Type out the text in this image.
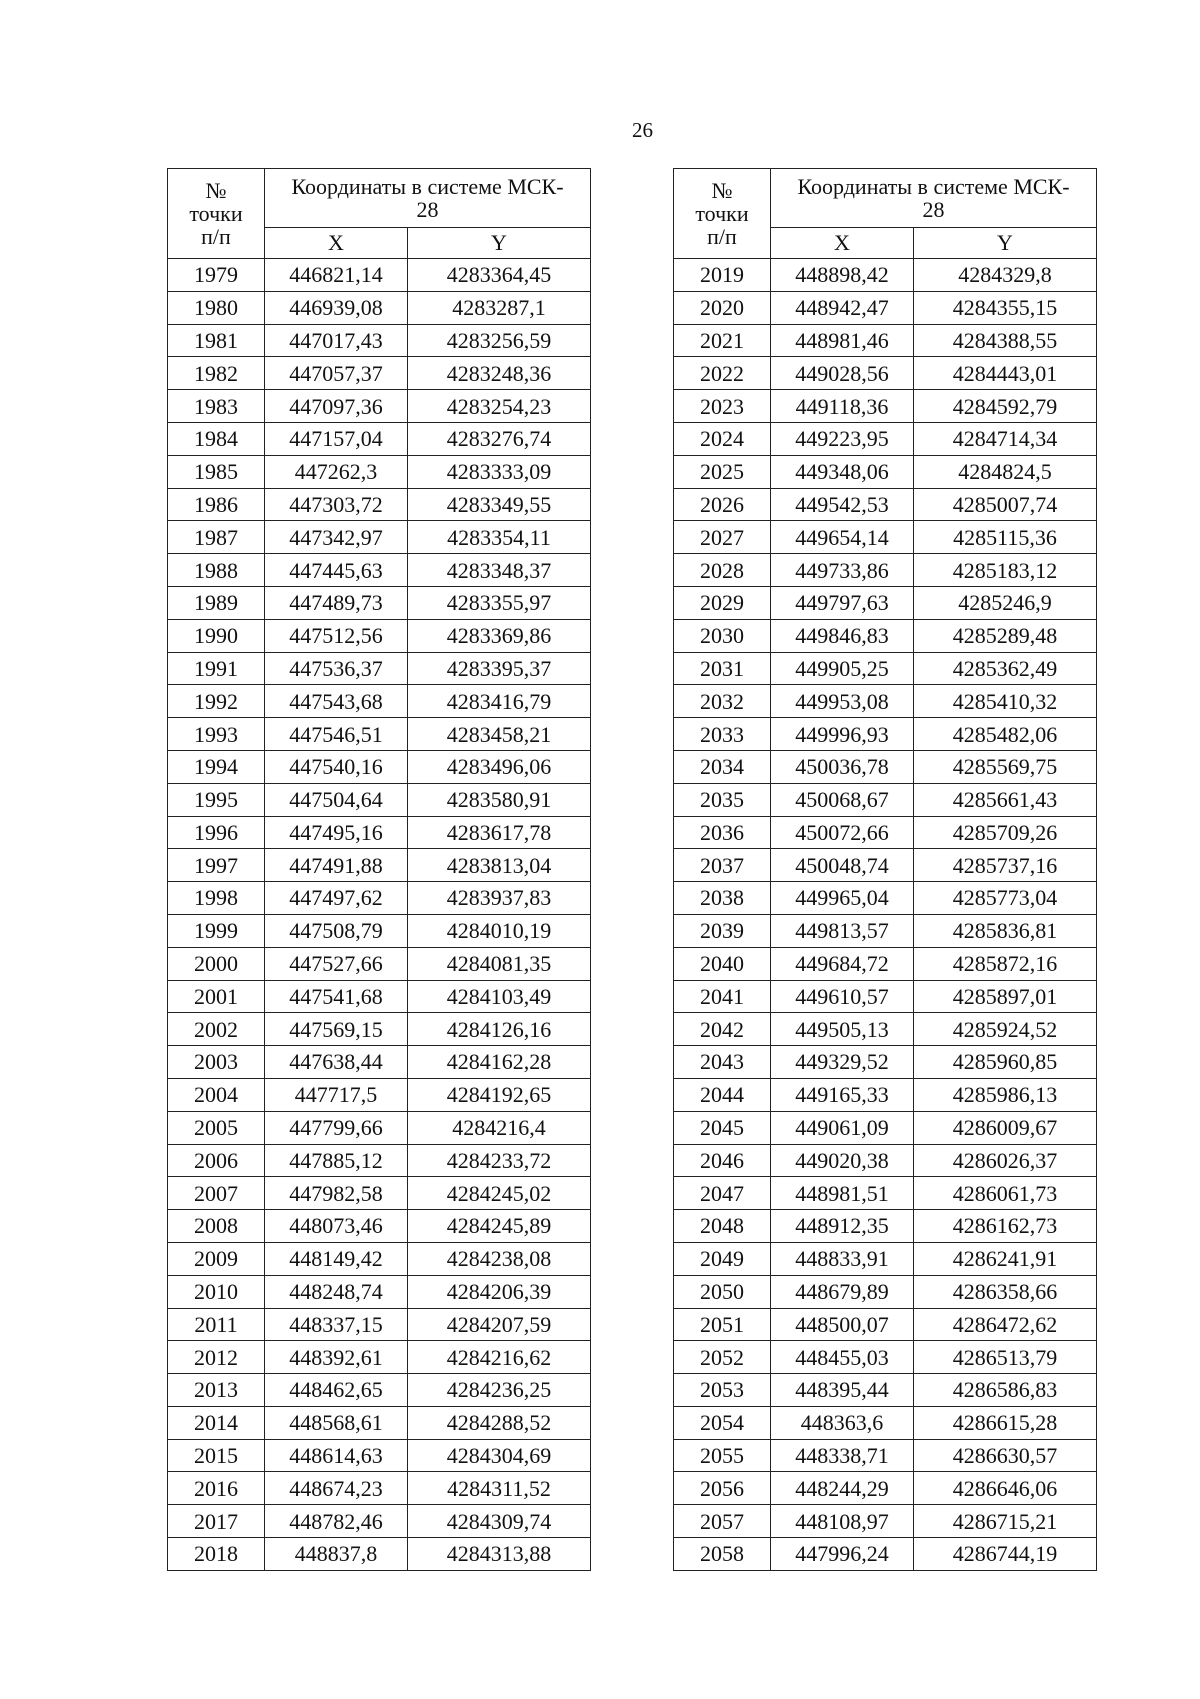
26
№
точки
п/п	Координаты в системе МСК-
28	
	X	Y
1979	446821,14	4283364,45
1980	446939,08	4283287,1
1981	447017,43	4283256,59
1982	447057,37	4283248,36
1983	447097,36	4283254,23
1984	447157,04	4283276,74
1985	447262,3	4283333,09
1986	447303,72	4283349,55
1987	447342,97	4283354,11
1988	447445,63	4283348,37
1989	447489,73	4283355,97
1990	447512,56	4283369,86
1991	447536,37	4283395,37
1992	447543,68	4283416,79
1993	447546,51	4283458,21
1994	447540,16	4283496,06
1995	447504,64	4283580,91
1996	447495,16	4283617,78
1997	447491,88	4283813,04
1998	447497,62	4283937,83
1999	447508,79	4284010,19
2000	447527,66	4284081,35
2001	447541,68	4284103,49
2002	447569,15	4284126,16
2003	447638,44	4284162,28
2004	447717,5	4284192,65
2005	447799,66	4284216,4
2006	447885,12	4284233,72
2007	447982,58	4284245,02
2008	448073,46	4284245,89
2009	448149,42	4284238,08
2010	448248,74	4284206,39
2011	448337,15	4284207,59
2012	448392,61	4284216,62
2013	448462,65	4284236,25
2014	448568,61	4284288,52
2015	448614,63	4284304,69
2016	448674,23	4284311,52
2017	448782,46	4284309,74
2018	448837,8	4284313,88
№
точки
п/п	Координаты в системе МСК-
28	
	X	Y
2019	448898,42	4284329,8
2020	448942,47	4284355,15
2021	448981,46	4284388,55
2022	449028,56	4284443,01
2023	449118,36	4284592,79
2024	449223,95	4284714,34
2025	449348,06	4284824,5
2026	449542,53	4285007,74
2027	449654,14	4285115,36
2028	449733,86	4285183,12
2029	449797,63	4285246,9
2030	449846,83	4285289,48
2031	449905,25	4285362,49
2032	449953,08	4285410,32
2033	449996,93	4285482,06
2034	450036,78	4285569,75
2035	450068,67	4285661,43
2036	450072,66	4285709,26
2037	450048,74	4285737,16
2038	449965,04	4285773,04
2039	449813,57	4285836,81
2040	449684,72	4285872,16
2041	449610,57	4285897,01
2042	449505,13	4285924,52
2043	449329,52	4285960,85
2044	449165,33	4285986,13
2045	449061,09	4286009,67
2046	449020,38	4286026,37
2047	448981,51	4286061,73
2048	448912,35	4286162,73
2049	448833,91	4286241,91
2050	448679,89	4286358,66
2051	448500,07	4286472,62
2052	448455,03	4286513,79
2053	448395,44	4286586,83
2054	448363,6	4286615,28
2055	448338,71	4286630,57
2056	448244,29	4286646,06
2057	448108,97	4286715,21
2058	447996,24	4286744,19
